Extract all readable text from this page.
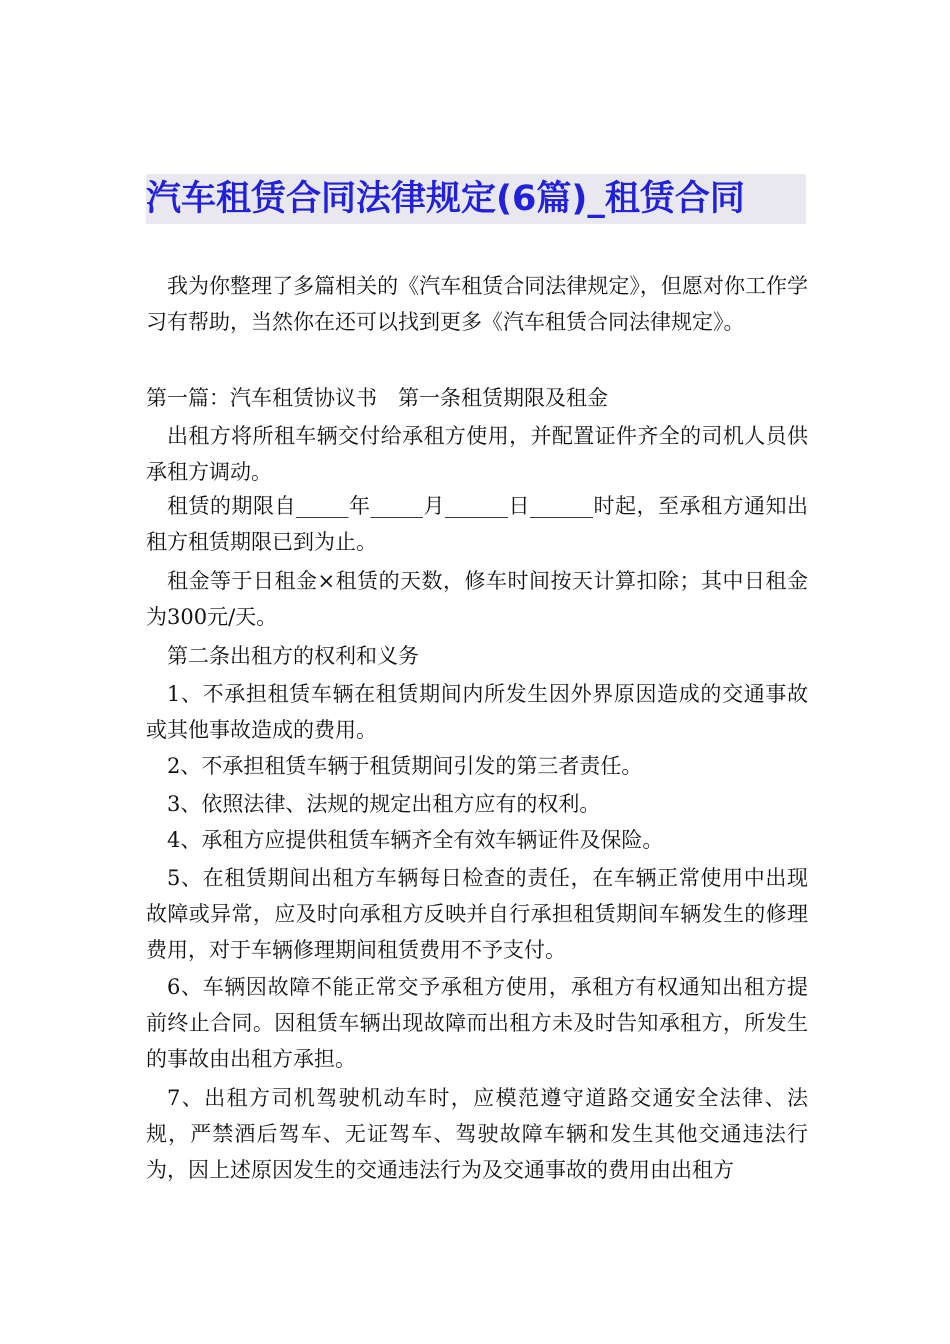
汽车租赁合同法律规定(6篇)_租赁合同

我为你整理了多篇相关的《汽车租赁合同法律规定》，但愿对你工作学习有帮助，当然你在还可以找到更多《汽车租赁合同法律规定》。

第一篇：汽车租赁协议书　第一条租赁期限及租金

出租方将所租车辆交付给承租方使用，并配置证件齐全的司机人员供承租方调动。

租赁的期限自_____年_____月______日______时起，至承租方通知出租方租赁期限已到为止。

租金等于日租金×租赁的天数，修车时间按天计算扣除；其中日租金为300元/天。

第二条出租方的权利和义务

1、不承担租赁车辆在租赁期间内所发生因外界原因造成的交通事故或其他事故造成的费用。

2、不承担租赁车辆于租赁期间引发的第三者责任。

3、依照法律、法规的规定出租方应有的权利。

4、承租方应提供租赁车辆齐全有效车辆证件及保险。

5、在租赁期间出租方车辆每日检查的责任，在车辆正常使用中出现故障或异常，应及时向承租方反映并自行承担租赁期间车辆发生的修理费用，对于车辆修理期间租赁费用不予支付。

6、车辆因故障不能正常交予承租方使用，承租方有权通知出租方提前终止合同。因租赁车辆出现故障而出租方未及时告知承租方，所发生的事故由出租方承担。

7、出租方司机驾驶机动车时，应模范遵守道路交通安全法律、法规，严禁酒后驾车、无证驾车、驾驶故障车辆和发生其他交通违法行为，因上述原因发生的交通违法行为及交通事故的费用由出租方
